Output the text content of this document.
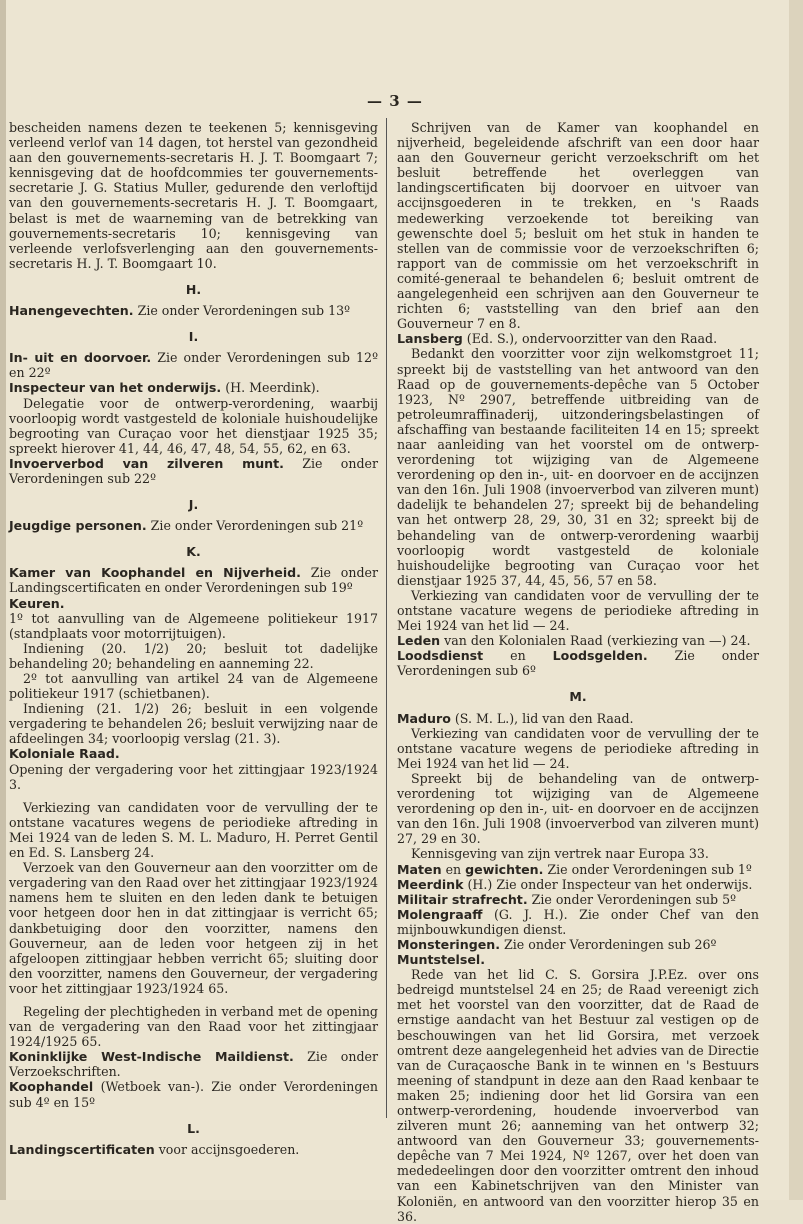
— 3 —

bescheiden namens dezen te teekenen 5; kennisgeving verleend verlof van 14 dagen, tot herstel van gezondheid aan den gouvernements-secretaris H. J. T. Boomgaart 7; kennisgeving dat de hoofdcommies ter gouvernements-secretarie J. G. Statius Muller, gedurende den verloftijd van den gouvernements-secretaris H. J. T. Boomgaart, belast is met de waarneming van de betrekking van gouvernements-secretaris 10; kennisgeving van verleende verlofsverlenging aan den gouvernements-secretaris H. J. T. Boomgaart 10.

H.

Hanengevechten. Zie onder Verordeningen sub 13º

I.

In- uit en doorvoer. Zie onder Verordeningen sub 12º en 22º

Inspecteur van het onderwijs. (H. Meerdink).

Delegatie voor de ontwerp-verordening, waarbij voorloopig wordt vastgesteld de koloniale huishoudelijke begrooting van Curaçao voor het dienstjaar 1925 35; spreekt hierover 41, 44, 46, 47, 48, 54, 55, 62, en 63.

Invoerverbod van zilveren munt. Zie onder Verordeningen sub 22º

J.

Jeugdige personen. Zie onder Verordeningen sub 21º

K.

Kamer van Koophandel en Nijverheid. Zie onder Landingscertificaten en onder Verordeningen sub 19º

Keuren.

1º tot aanvulling van de Algemeene politiekeur 1917 (standplaats voor motorrijtuigen).

Indiening (20. 1/2) 20; besluit tot dadelijke behandeling 20; behandeling en aanneming 22.

2º tot aanvulling van artikel 24 van de Algemeene politiekeur 1917 (schietbanen).

Indiening (21. 1/2) 26; besluit in een volgende vergadering te behandelen 26; besluit verwijzing naar de afdeelingen 34; voorloopig verslag (21. 3).

Koloniale Raad.

Opening der vergadering voor het zittingjaar 1923/1924 3.

Verkiezing van candidaten voor de vervulling der te ontstane vacatures wegens de periodieke aftreding in Mei 1924 van de leden S. M. L. Maduro, H. Perret Gentil en Ed. S. Lansberg 24.

Verzoek van den Gouverneur aan den voorzitter om de vergadering van den Raad over het zittingjaar 1923/1924 namens hem te sluiten en den leden dank te betuigen voor hetgeen door hen in dat zittingjaar is verricht 65; dankbetuiging door den voorzitter, namens den Gouverneur, aan de leden voor hetgeen zij in het afgeloopen zittingjaar hebben verricht 65; sluiting door den voorzitter, namens den Gouverneur, der vergadering voor het zittingjaar 1923/1924 65.

Regeling der plechtigheden in verband met de opening van de vergadering van den Raad voor het zittingjaar 1924/1925 65.

Koninklijke West-Indische Maildienst. Zie onder Verzoekschriften.

Koophandel (Wetboek van-). Zie onder Verordeningen sub 4º en 15º

L.

Landingscertificaten voor accijnsgoederen.

Schrijven van de Kamer van koophandel en nijverheid, begeleidende afschrift van een door haar aan den Gouverneur gericht verzoekschrift om het besluit betreffende het overleggen van landingscertificaten bij doorvoer en uitvoer van accijnsgoederen in te trekken, en 's Raads medewerking verzoekende tot bereiking van gewenschte doel 5; besluit om het stuk in handen te stellen van de commissie voor de verzoekschriften 6; rapport van de commissie om het verzoekschrift in comité-generaal te behandelen 6; besluit omtrent de aangelegenheid een schrijven aan den Gouverneur te richten 6; vaststelling van den brief aan den Gouverneur 7 en 8.

Lansberg (Ed. S.), ondervoorzitter van den Raad.

Bedankt den voorzitter voor zijn welkomstgroet 11; spreekt bij de vaststelling van het antwoord van den Raad op de gouvernements-depêche van 5 October 1923, Nº 2907, betreffende uitbreiding van de petroleumraffinaderij, uitzonderingsbelastingen of afschaffing van bestaande faciliteiten 14 en 15; spreekt naar aanleiding van het voorstel om de ontwerp-verordening tot wijziging van de Algemeene verordening op den in-, uit- en doorvoer en de accijnzen van den 16n. Juli 1908 (invoerverbod van zilveren munt) dadelijk te behandelen 27; spreekt bij de behandeling van het ontwerp 28, 29, 30, 31 en 32; spreekt bij de behandeling van de ontwerp-verordening waarbij voorloopig wordt vastgesteld de koloniale huishoudelijke begrooting van Curaçao voor het dienstjaar 1925 37, 44, 45, 56, 57 en 58.

Verkiezing van candidaten voor de vervulling der te ontstane vacature wegens de periodieke aftreding in Mei 1924 van het lid — 24.

Leden van den Kolonialen Raad (verkiezing van —) 24.

Loodsdienst en Loodsgelden. Zie onder Verordeningen sub 6º

M.

Maduro (S. M. L.), lid van den Raad.

Verkiezing van candidaten voor de vervulling der te ontstane vacature wegens de periodieke aftreding in Mei 1924 van het lid — 24.

Spreekt bij de behandeling van de ontwerp-verordening tot wijziging van de Algemeene verordening op den in-, uit- en doorvoer en de accijnzen van den 16n. Juli 1908 (invoerverbod van zilveren munt) 27, 29 en 30.

Kennisgeving van zijn vertrek naar Europa 33.

Maten en gewichten. Zie onder Verordeningen sub 1º

Meerdink (H.) Zie onder Inspecteur van het onderwijs.

Militair strafrecht. Zie onder Verordeningen sub 5º

Molengraaff (G. J. H.). Zie onder Chef van den mijnbouwkundigen dienst.

Monsteringen. Zie onder Verordeningen sub 26º

Muntstelsel.

Rede van het lid C. S. Gorsira J.P.Ez. over ons bedreigd muntstelsel 24 en 25; de Raad vereenigt zich met het voorstel van den voorzitter, dat de Raad de ernstige aandacht van het Bestuur zal vestigen op de beschouwingen van het lid Gorsira, met verzoek omtrent deze aangelegenheid het advies van de Directie van de Curaçaosche Bank in te winnen en 's Bestuurs meening of standpunt in deze aan den Raad kenbaar te maken 25; indiening door het lid Gorsira van een ontwerp-verordening, houdende invoerverbod van zilveren munt 26; aanneming van het ontwerp 32; antwoord van den Gouverneur 33; gouvernements-depêche van 7 Mei 1924, Nº 1267, over het doen van mededeelingen door den voorzitter omtrent den inhoud van een Kabinetschrijven van den Minister van Koloniën, en antwoord van den voorzitter hierop 35 en 36.
